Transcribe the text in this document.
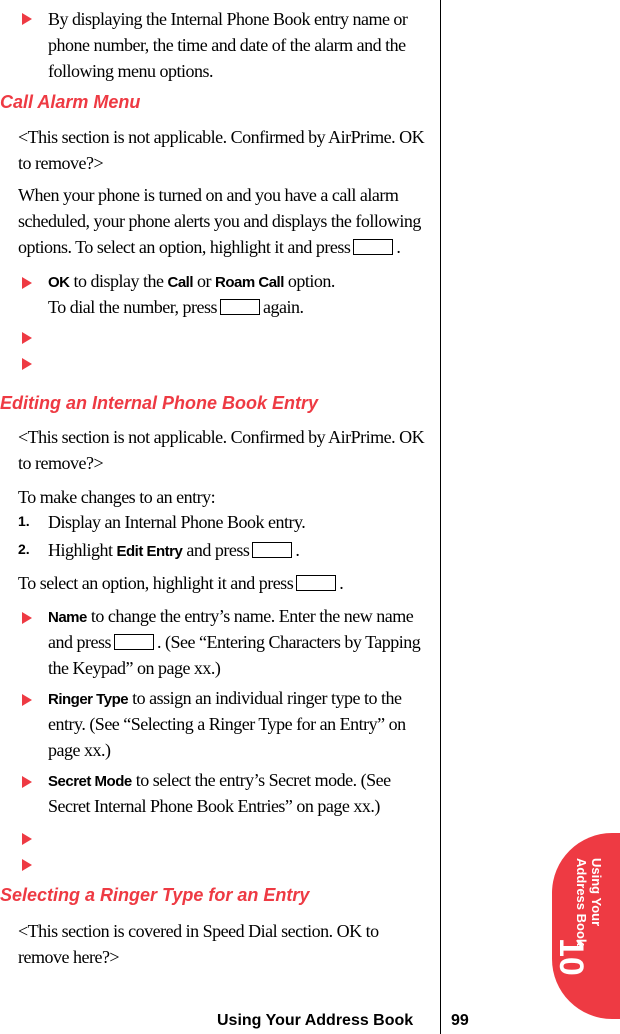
By displaying the Internal Phone Book entry name or
phone number, the time and date of the alarm and the
following menu options.
Call Alarm Menu
<This section is not applicable. Confirmed by AirPrime. OK
to remove?>
When your phone is turned on and you have a call alarm
scheduled, your phone alerts you and displays the following
options. To select an option, highlight it and press	.
OK to display the Call or Roam Call option.
To dial the number, press	again.
Editing an Internal Phone Book Entry
<This section is not applicable. Confirmed by AirPrime. OK
to remove?>
To make changes to an entry:
1. Display an Internal Phone Book entry.
2. Highlight Edit Entry and press	.
To select an option, highlight it and press	.
Name to change the entry’s name. Enter the new name
and press	. (See “Entering Characters by Tapping
the Keypad” on page xx.)
Ringer Type to assign an individual ringer type to the
entry. (See “Selecting a Ringer Type for an Entry” on
page xx.)
Secret Mode to select the entry’s Secret mode. (See
Secret Internal Phone Book Entries” on page xx.)
Selecting a Ringer Type for an Entry
<This section is covered in Speed Dial section. OK to
remove here?>	10
Using Your
Address Book
Using Your Address Book 99
